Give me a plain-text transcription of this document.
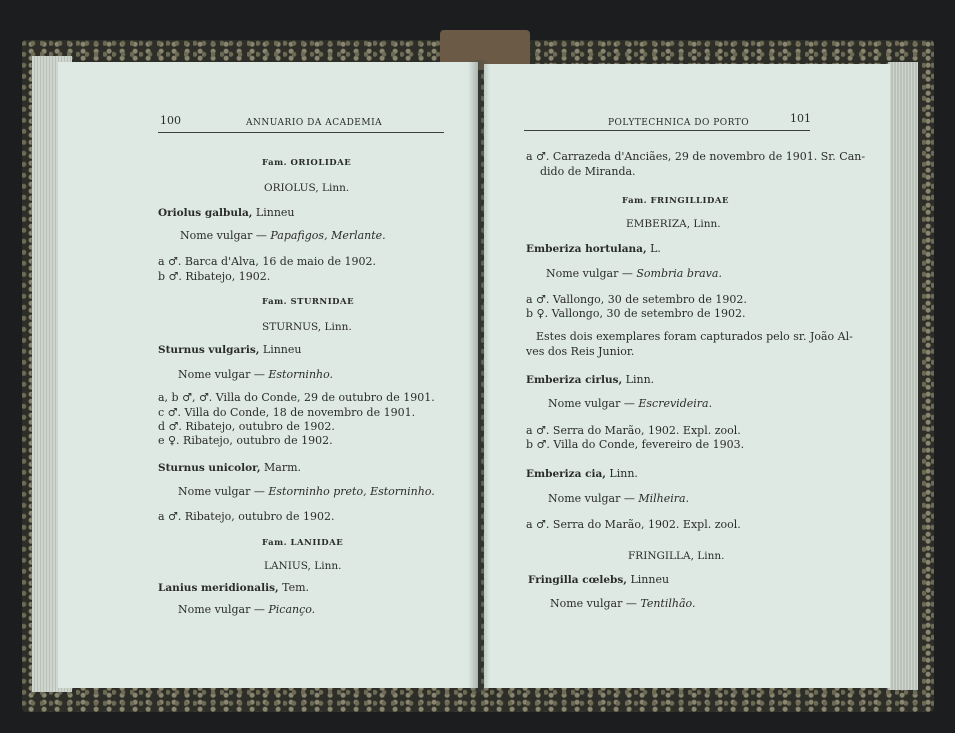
100	ANNUARIO DA ACADEMIA
Fam. ORIOLIDAE
ORIOLUS, Linn.
Oriolus galbula, Linneu
Nome vulgar — Papafigos, Merlante.
a ♂. Barca d'Alva, 16 de maio de 1902.
b ♂. Ribatejo, 1902.
Fam. STURNIDAE
STURNUS, Linn.
Sturnus vulgaris, Linneu
Nome vulgar — Estorninho.
a, b ♂, ♂. Villa do Conde, 29 de outubro de 1901.
c ♂. Villa do Conde, 18 de novembro de 1901.
d ♂. Ribatejo, outubro de 1902.
e ♀. Ribatejo, outubro de 1902.
Sturnus unicolor, Marm.
Nome vulgar — Estorninho preto, Estorninho.
a ♂. Ribatejo, outubro de 1902.
Fam. LANIIDAE
LANIUS, Linn.
Lanius meridionalis, Tem.
Nome vulgar — Picanço.
POLYTECHNICA DO PORTO	101
a ♂. Carrazeda d'Anciães, 29 de novembro de 1901. Sr. Can-
dido de Miranda.
Fam. FRINGILLIDAE
EMBERIZA, Linn.
Emberiza hortulana, L.
Nome vulgar — Sombria brava.
a ♂. Vallongo, 30 de setembro de 1902.
b ♀. Vallongo, 30 de setembro de 1902.
Estes dois exemplares foram capturados pelo sr. João Al-
ves dos Reis Junior.
Emberiza cirlus, Linn.
Nome vulgar — Escrevideira.
a ♂. Serra do Marão, 1902. Expl. zool.
b ♂. Villa do Conde, fevereiro de 1903.
Emberiza cia, Linn.
Nome vulgar — Milheira.
a ♂. Serra do Marão, 1902. Expl. zool.
FRINGILLA, Linn.
Fringilla cœlebs, Linneu
Nome vulgar — Tentilhão.
